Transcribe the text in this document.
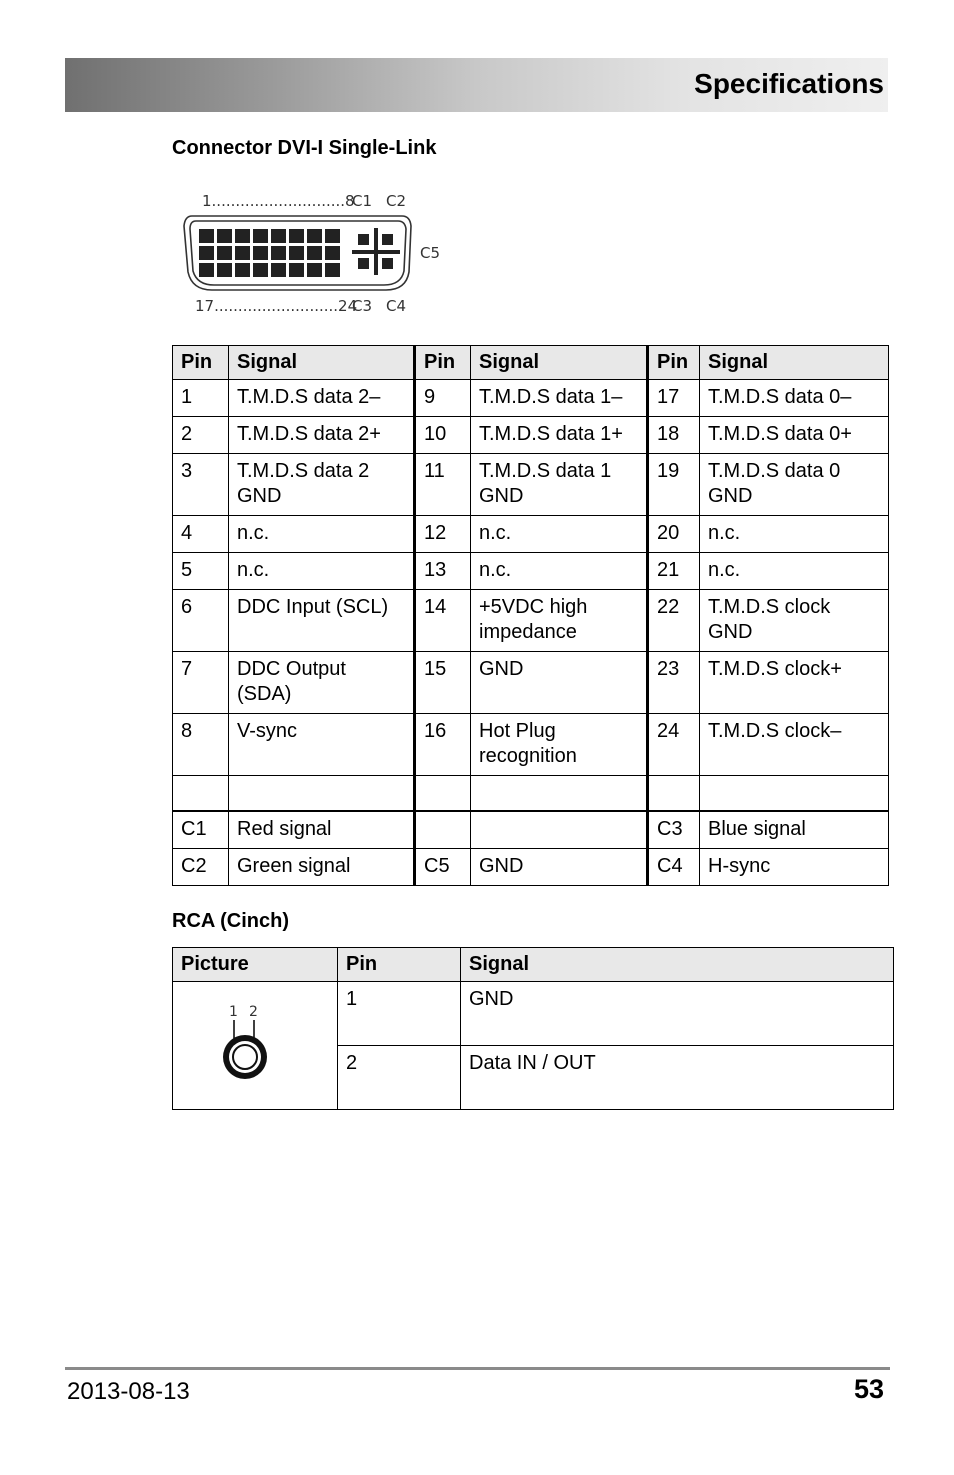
Specifications
Connector DVI-I Single-Link
1............................8
C1 C2
C5
17..........................24
C3 C4
Pin	Signal	Pin	Signal	Pin	Signal
1	T.M.D.S data 2–	9	T.M.D.S data 1–	17	T.M.D.S data 0–
2	T.M.D.S data 2+	10	T.M.D.S data 1+	18	T.M.D.S data 0+
3	T.M.D.S data 2 GND	11	T.M.D.S data 1 GND	19	T.M.D.S data 0 GND
4	n.c.	12	n.c.	20	n.c.
5	n.c.	13	n.c.	21	n.c.
6	DDC Input (SCL)	14	+5VDC high impedance	22	T.M.D.S clock GND
7	DDC Output (SDA)	15	GND	23	T.M.D.S clock+
8	V-sync	16	Hot Plug recognition	24	T.M.D.S clock–

C1	Red signal			C3	Blue signal
C2	Green signal	C5	GND	C4	H-sync
RCA (Cinch)
Picture	Pin	Signal

1 2	1	GND
	2	Data IN / OUT
2013-08-13	53
